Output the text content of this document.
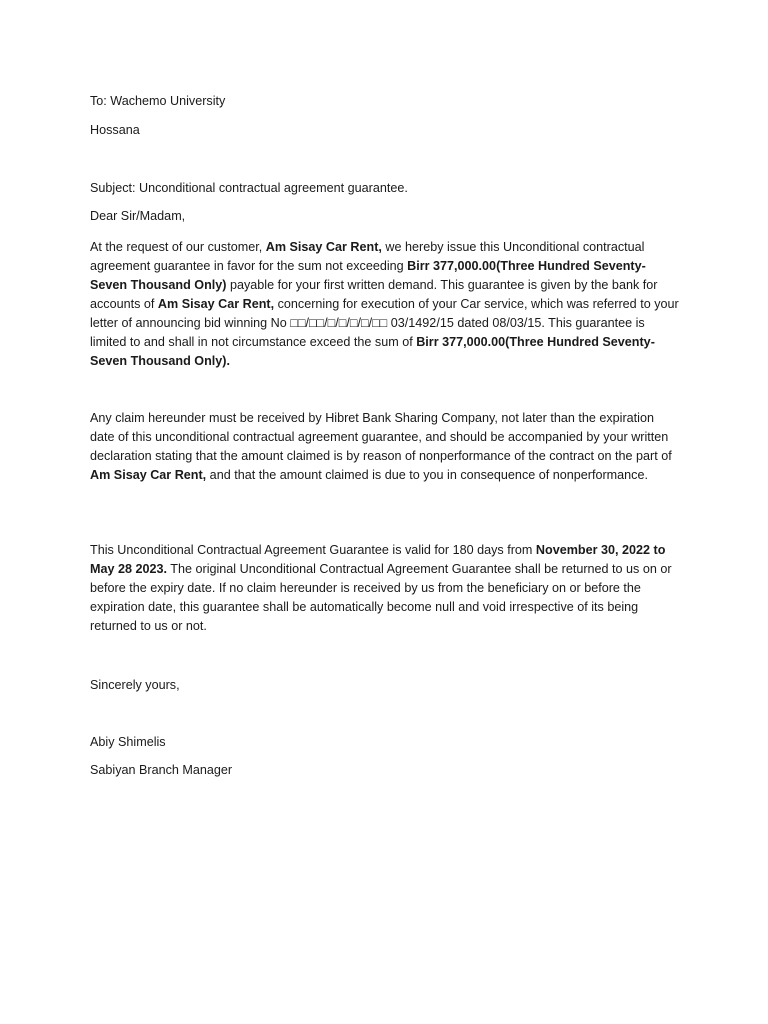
To: Wachemo University

Hossana

Subject: Unconditional contractual agreement guarantee.

Dear Sir/Madam,

At the request of our customer, Am Sisay Car Rent, we hereby issue this Unconditional contractual agreement guarantee in favor for the sum not exceeding Birr 377,000.00(Three Hundred Seventy-Seven Thousand Only) payable for your first written demand. This guarantee is given by the bank for accounts of Am Sisay Car Rent, concerning for execution of your Car service, which was referred to your letter of announcing bid winning No □□/□□/□/□/□/□/□□ 03/1492/15 dated 08/03/15. This guarantee is limited to and shall in not circumstance exceed the sum of Birr 377,000.00(Three Hundred Seventy-Seven Thousand Only).

Any claim hereunder must be received by Hibret Bank Sharing Company, not later than the expiration date of this unconditional contractual agreement guarantee, and should be accompanied by your written declaration stating that the amount claimed is by reason of nonperformance of the contract on the part of Am Sisay Car Rent, and that the amount claimed is due to you in consequence of nonperformance.

This Unconditional Contractual Agreement Guarantee is valid for 180 days from November 30, 2022 to May 28 2023. The original Unconditional Contractual Agreement Guarantee shall be returned to us on or before the expiry date. If no claim hereunder is received by us from the beneficiary on or before the expiration date, this guarantee shall be automatically become null and void irrespective of its being returned to us or not.

Sincerely yours,

Abiy Shimelis

Sabiyan Branch Manager
